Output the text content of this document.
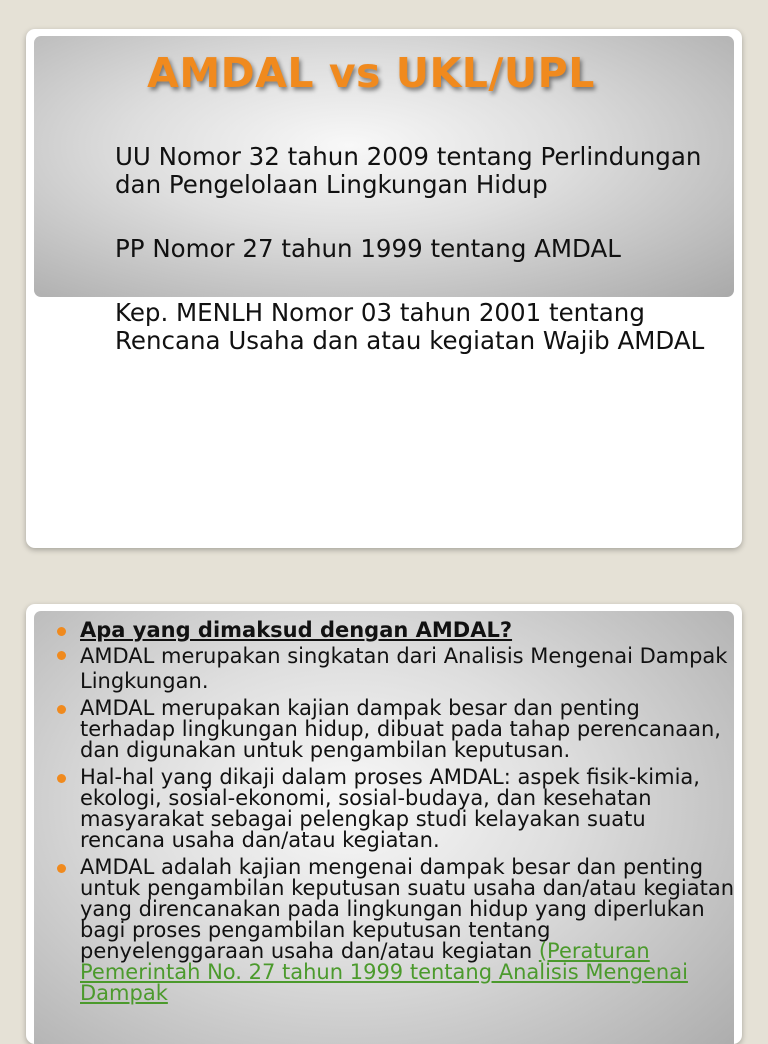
AMDAL vs UKL/UPL

UU Nomor 32 tahun 2009 tentang Perlindungan dan Pengelolaan Lingkungan Hidup

PP Nomor 27 tahun 1999 tentang AMDAL

Kep. MENLH Nomor 03 tahun 2001 tentang Rencana Usaha dan atau kegiatan Wajib AMDAL

Apa yang dimaksud dengan AMDAL?
AMDAL merupakan singkatan dari Analisis Mengenai Dampak Lingkungan.
AMDAL merupakan kajian dampak besar dan penting terhadap lingkungan hidup, dibuat pada tahap perencanaan, dan digunakan untuk pengambilan keputusan.
Hal-hal yang dikaji dalam proses AMDAL: aspek fisik-kimia, ekologi, sosial-ekonomi, sosial-budaya, dan kesehatan masyarakat sebagai pelengkap studi kelayakan suatu rencana usaha dan/atau kegiatan.
AMDAL adalah kajian mengenai dampak besar dan penting untuk pengambilan keputusan suatu usaha dan/atau kegiatan yang direncanakan pada lingkungan hidup yang diperlukan bagi proses pengambilan keputusan tentang penyelenggaraan usaha dan/atau kegiatan (Peraturan Pemerintah No. 27 tahun 1999 tentang Analisis Mengenai Dampak
